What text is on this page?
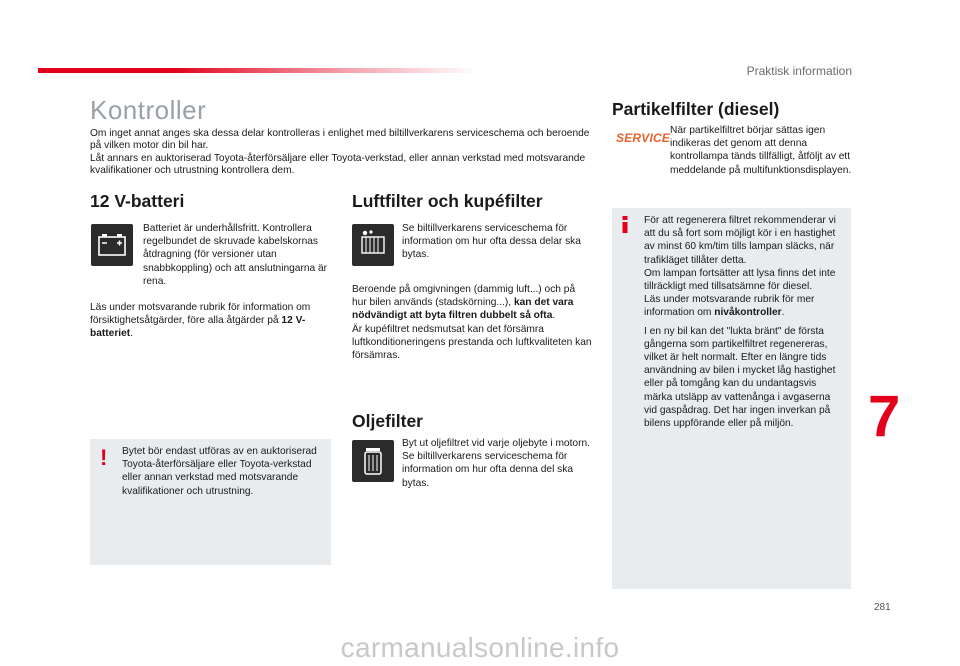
Praktisk information
Kontroller

Om inget annat anges ska dessa delar kontrolleras i enlighet med biltillverkarens serviceschema och beroende på vilken motor din bil har.

Låt annars en auktoriserad Toyota-återförsäljare eller Toyota-verkstad, eller annan verkstad med motsvarande kvalifikationer och utrustning kontrollera dem.

12 V-batteri
Batteriet är underhållsfritt. Kontrollera regelbundet de skruvade kabelskornas åtdragning (för versioner utan snabbkoppling) och att anslutningarna är rena.
Läs under motsvarande rubrik för information om försiktighetsåtgärder, före alla åtgärder på 12 V-batteriet.
! Bytet bör endast utföras av en auktoriserad Toyota-återförsäljare eller Toyota-verkstad eller annan verkstad med motsvarande kvalifikationer och utrustning.
Luftfilter och kupéfilter
Se biltillverkarens serviceschema för information om hur ofta dessa delar ska bytas.

Beroende på omgivningen (dammig luft...) och på hur bilen används (stadskörning...), kan det vara nödvändigt att byta filtren dubbelt så ofta.

Är kupéfiltret nedsmutsat kan det försämra luftkonditioneringens prestanda och luftkvaliteten kan försämras.

Oljefilter

Byt ut oljefiltret vid varje oljebyte i motorn.

Se biltillverkarens serviceschema för information om hur ofta denna del ska bytas.

Partikelfilter (diesel)
SERVICE
När partikelfiltret börjar sättas igen indikeras det genom att denna kontrollampa tänds tillfälligt, åtföljt av ett meddelande på multifunktionsdisplayen.

För att regenerera filtret rekommenderar vi att du så fort som möjligt kör i en hastighet av minst 60 km/tim tills lampan släcks, när trafikläget tillåter detta.

Om lampan fortsätter att lysa finns det inte tillräckligt med tillsatsämne för diesel.

Läs under motsvarande rubrik för mer information om nivåkontroller.

I en ny bil kan det "lukta bränt" de första gångerna som partikelfiltret regenereras, vilket är helt normalt. Efter en längre tids användning av bilen i mycket låg hastighet eller på tomgång kan du undantagsvis märka utsläpp av vattenånga i avgaserna vid gaspådrag. Det har ingen inverkan på bilens uppförande eller på miljön.	7
281
carmanualsonline.info
